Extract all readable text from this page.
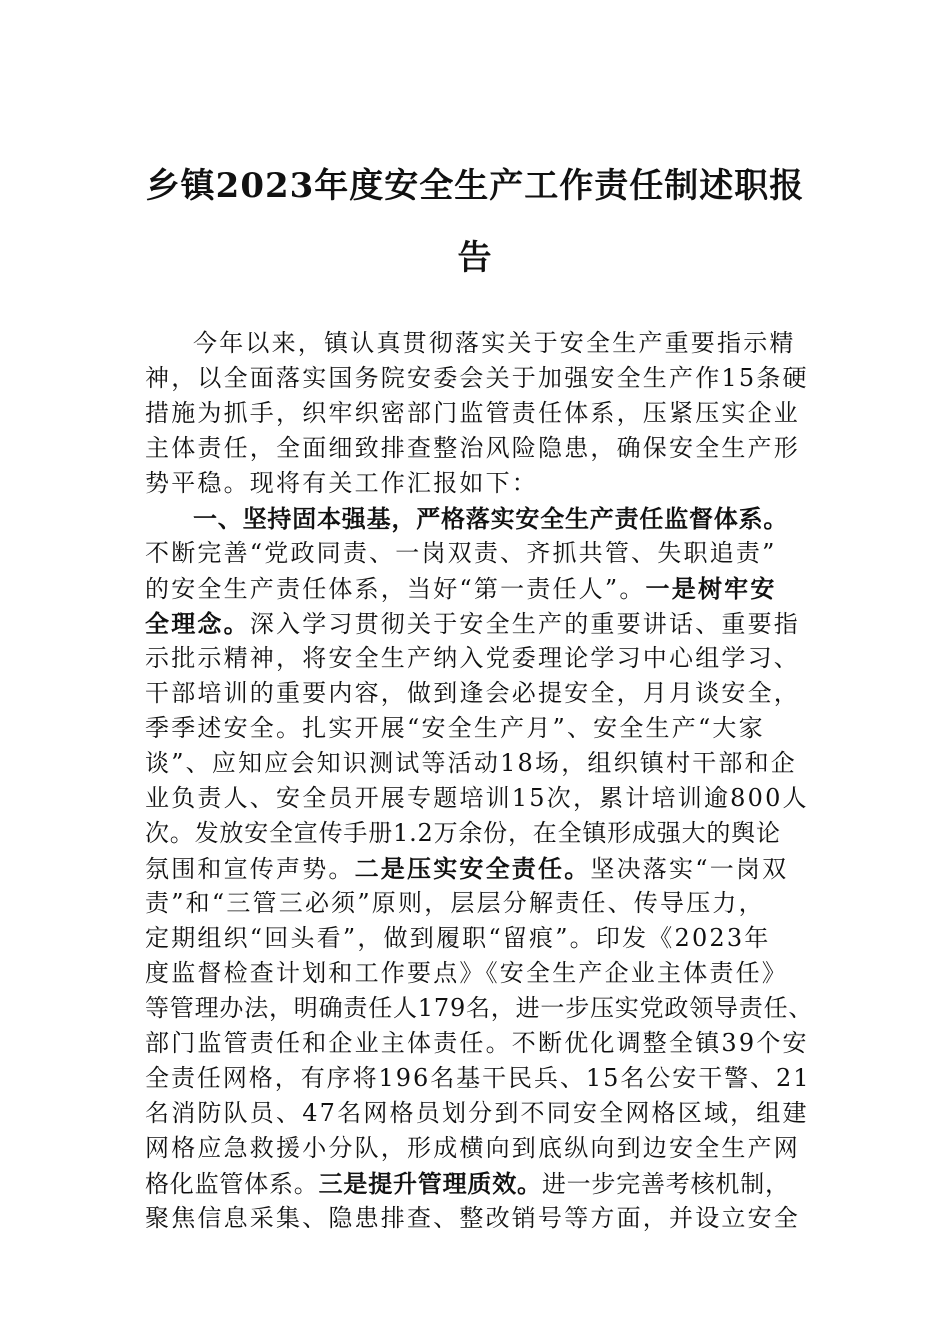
乡镇2023年度安全生产工作责任制述职报
告
今年以来，镇认真贯彻落实关于安全生产重要指示精
神，以全面落实国务院安委会关于加强安全生产作15条硬
措施为抓手，织牢织密部门监管责任体系，压紧压实企业
主体责任，全面细致排查整治风险隐患，确保安全生产形
势平稳。现将有关工作汇报如下：
一、坚持固本强基，严格落实安全生产责任监督体系。
不断完善“党政同责、一岗双责、齐抓共管、失职追责”
的安全生产责任体系，当好“第一责任人”。一是树牢安
全理念。深入学习贯彻关于安全生产的重要讲话、重要指
示批示精神，将安全生产纳入党委理论学习中心组学习、
干部培训的重要内容，做到逢会必提安全，月月谈安全，
季季述安全。扎实开展“安全生产月”、安全生产“大家
谈”、应知应会知识测试等活动18场，组织镇村干部和企
业负责人、安全员开展专题培训15次，累计培训逾800人
次。发放安全宣传手册1.2万余份，在全镇形成强大的舆论
氛围和宣传声势。二是压实安全责任。坚决落实“一岗双
责”和“三管三必须”原则，层层分解责任、传导压力，
定期组织“回头看”，做到履职“留痕”。印发《2023年
度监督检查计划和工作要点》《安全生产企业主体责任》
等管理办法，明确责任人179名，进一步压实党政领导责任、
部门监管责任和企业主体责任。不断优化调整全镇39个安
全责任网格，有序将196名基干民兵、15名公安干警、21
名消防队员、47名网格员划分到不同安全网格区域，组建
网格应急救援小分队，形成横向到底纵向到边安全生产网
格化监管体系。三是提升管理质效。进一步完善考核机制，
聚焦信息采集、隐患排查、整改销号等方面，并设立安全
